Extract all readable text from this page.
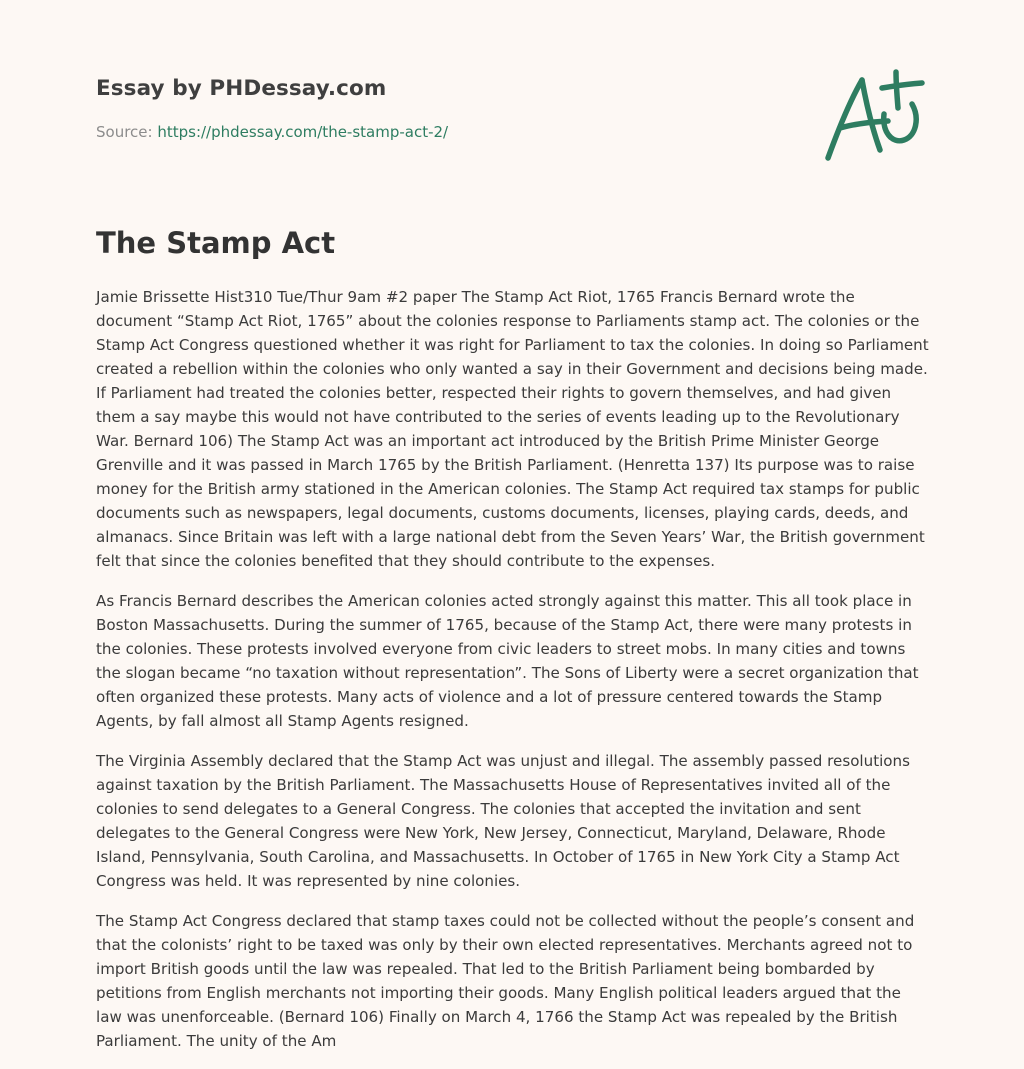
Essay by PHDessay.com
Source: https://phdessay.com/the-stamp-act-2/
The Stamp Act

Jamie Brissette Hist310 Tue/Thur 9am #2 paper The Stamp Act Riot, 1765 Francis Bernard wrote the document “Stamp Act Riot, 1765” about the colonies response to Parliaments stamp act. The colonies or the Stamp Act Congress questioned whether it was right for Parliament to tax the colonies. In doing so Parliament created a rebellion within the colonies who only wanted a say in their Government and decisions being made. If Parliament had treated the colonies better, respected their rights to govern themselves, and had given them a say maybe this would not have contributed to the series of events leading up to the Revolutionary War. Bernard 106) The Stamp Act was an important act introduced by the British Prime Minister George Grenville and it was passed in March 1765 by the British Parliament. (Henretta 137) Its purpose was to raise money for the British army stationed in the American colonies. The Stamp Act required tax stamps for public documents such as newspapers, legal documents, customs documents, licenses, playing cards, deeds, and almanacs. Since Britain was left with a large national debt from the Seven Years’ War, the British government felt that since the colonies benefited that they should contribute to the expenses.

As Francis Bernard describes the American colonies acted strongly against this matter. This all took place in Boston Massachusetts. During the summer of 1765, because of the Stamp Act, there were many protests in the colonies. These protests involved everyone from civic leaders to street mobs. In many cities and towns the slogan became “no taxation without representation”. The Sons of Liberty were a secret organization that often organized these protests. Many acts of violence and a lot of pressure centered towards the Stamp Agents, by fall almost all Stamp Agents resigned.

The Virginia Assembly declared that the Stamp Act was unjust and illegal. The assembly passed resolutions against taxation by the British Parliament. The Massachusetts House of Representatives invited all of the colonies to send delegates to a General Congress. The colonies that accepted the invitation and sent delegates to the General Congress were New York, New Jersey, Connecticut, Maryland, Delaware, Rhode Island, Pennsylvania, South Carolina, and Massachusetts. In October of 1765 in New York City a Stamp Act Congress was held. It was represented by nine colonies.

The Stamp Act Congress declared that stamp taxes could not be collected without the people’s consent and that the colonists’ right to be taxed was only by their own elected representatives. Merchants agreed not to import British goods until the law was repealed. That led to the British Parliament being bombarded by petitions from English merchants not importing their goods. Many English political leaders argued that the law was unenforceable. (Bernard 106) Finally on March 4, 1766 the Stamp Act was repealed by the British Parliament. The unity of the Am
